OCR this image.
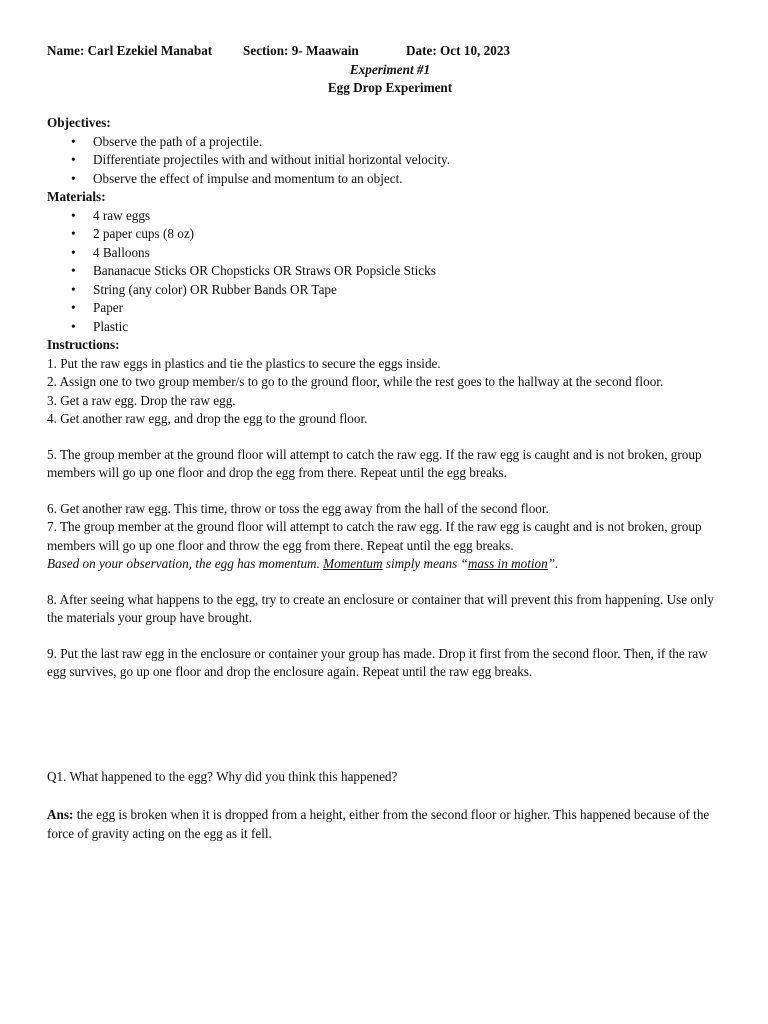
Name: Carl Ezekiel Manabat	Section: 9- Maawain	Date: Oct 10, 2023
Experiment #1
Egg Drop Experiment
Objectives:
• Observe the path of a projectile.
• Differentiate projectiles with and without initial horizontal velocity.
• Observe the effect of impulse and momentum to an object.
Materials:
• 4 raw eggs
• 2 paper cups (8 oz)
• 4 Balloons
• Bananacue Sticks OR Chopsticks OR Straws OR Popsicle Sticks
• String (any color) OR Rubber Bands OR Tape
• Paper
• Plastic
Instructions:

1. Put the raw eggs in plastics and tie the plastics to secure the eggs inside.

2. Assign one to two group member/s to go to the ground floor, while the rest goes to the hallway at the second floor.

3. Get a raw egg. Drop the raw egg.

4. Get another raw egg, and drop the egg to the ground floor.

5. The group member at the ground floor will attempt to catch the raw egg. If the raw egg is caught and is not broken, group members will go up one floor and drop the egg from there. Repeat until the egg breaks.

6. Get another raw egg. This time, throw or toss the egg away from the hall of the second floor.

7. The group member at the ground floor will attempt to catch the raw egg. If the raw egg is caught and is not broken, group members will go up one floor and throw the egg from there. Repeat until the egg breaks.

Based on your observation, the egg has momentum. Momentum simply means “mass in motion”.

8. After seeing what happens to the egg, try to create an enclosure or container that will prevent this from happening. Use only the materials your group have brought.

9. Put the last raw egg in the enclosure or container your group has made. Drop it first from the second floor. Then, if the raw egg survives, go up one floor and drop the enclosure again. Repeat until the raw egg breaks.

Q1. What happened to the egg? Why did you think this happened?

Ans: the egg is broken when it is dropped from a height, either from the second floor or higher. This happened because of the force of gravity acting on the egg as it fell.
